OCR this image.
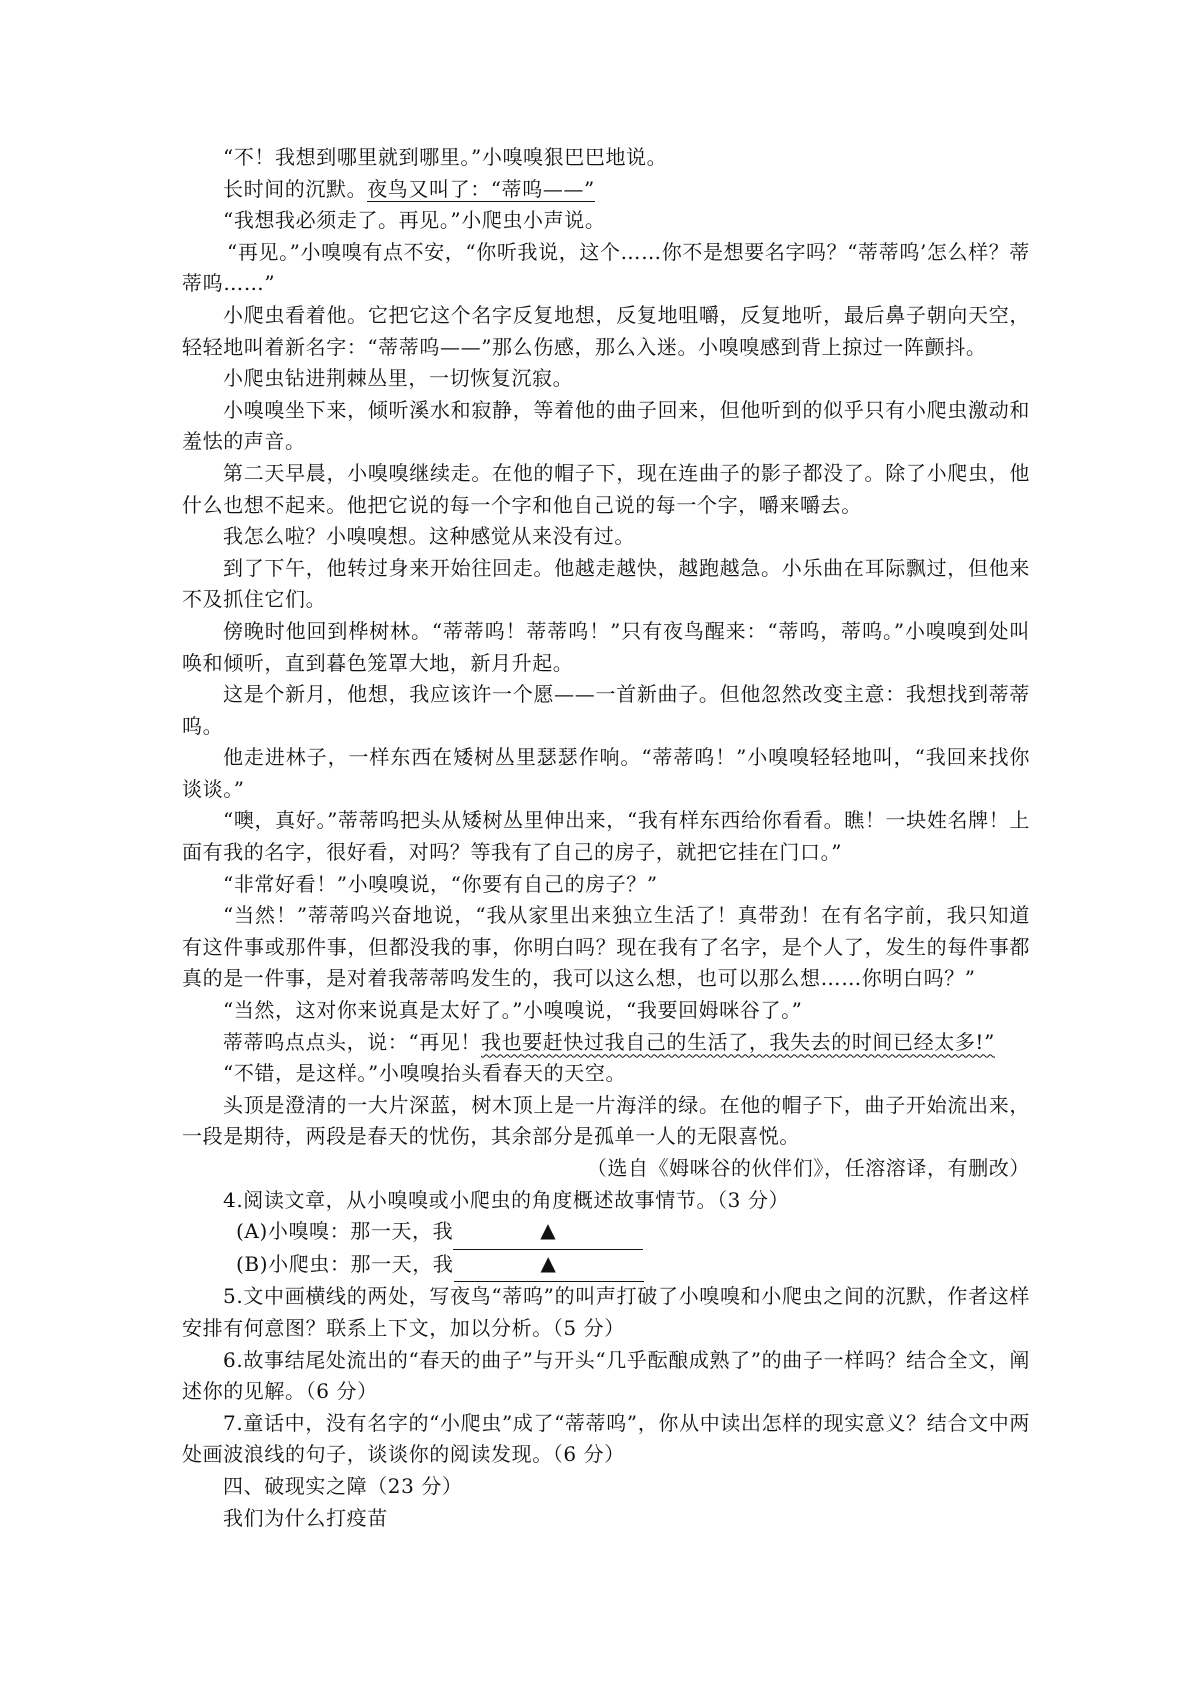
“不！我想到哪里就到哪里。”小嗅嗅狠巴巴地说。

长时间的沉默。夜鸟又叫了：“蒂呜——”

“我想我必须走了。再见。”小爬虫小声说。

“再见。”小嗅嗅有点不安，“你听我说，这个……你不是想要名字吗？“蒂蒂呜’怎么样？蒂蒂呜……”

小爬虫看着他。它把它这个名字反复地想，反复地咀嚼，反复地听，最后鼻子朝向天空，轻轻地叫着新名字：“蒂蒂呜——”那么伤感，那么入迷。小嗅嗅感到背上掠过一阵颤抖。

小爬虫钻进荆棘丛里，一切恢复沉寂。

小嗅嗅坐下来，倾听溪水和寂静，等着他的曲子回来，但他听到的似乎只有小爬虫激动和羞怯的声音。

第二天早晨，小嗅嗅继续走。在他的帽子下，现在连曲子的影子都没了。除了小爬虫，他什么也想不起来。他把它说的每一个字和他自己说的每一个字，嚼来嚼去。

我怎么啦？小嗅嗅想。这种感觉从来没有过。

到了下午，他转过身来开始往回走。他越走越快，越跑越急。小乐曲在耳际飘过，但他来不及抓住它们。

傍晚时他回到桦树林。“蒂蒂呜！蒂蒂呜！”只有夜鸟醒来：“蒂呜，蒂呜。”小嗅嗅到处叫唤和倾听，直到暮色笼罩大地，新月升起。

这是个新月，他想，我应该许一个愿——一首新曲子。但他忽然改变主意：我想找到蒂蒂呜。

他走进林子，一样东西在矮树丛里瑟瑟作响。“蒂蒂呜！”小嗅嗅轻轻地叫，“我回来找你谈谈。”

“噢，真好。”蒂蒂呜把头从矮树丛里伸出来，“我有样东西给你看看。瞧！一块姓名牌！上面有我的名字，很好看，对吗？等我有了自己的房子，就把它挂在门口。”

“非常好看！”小嗅嗅说，“你要有自己的房子？”

“当然！”蒂蒂呜兴奋地说，“我从家里出来独立生活了！真带劲！在有名字前，我只知道有这件事或那件事，但都没我的事，你明白吗？现在我有了名字，是个人了，发生的每件事都真的是一件事，是对着我蒂蒂呜发生的，我可以这么想，也可以那么想……你明白吗？”

“当然，这对你来说真是太好了。”小嗅嗅说，“我要回姆咪谷了。”

蒂蒂呜点点头，说：“再见！我也要赶快过我自己的生活了，我失去的时间已经太多!”

“不错，是这样。”小嗅嗅抬头看春天的天空。

头顶是澄清的一大片深蓝，树木顶上是一片海洋的绿。在他的帽子下，曲子开始流出来，一段是期待，两段是春天的忧伤，其余部分是孤单一人的无限喜悦。

（选自《姆咪谷的伙伴们》，任溶溶译，有删改）

4.阅读文章，从小嗅嗅或小爬虫的角度概述故事情节。（3 分）

(A)小嗅嗅：那一天，我	▲

(B)小爬虫：那一天，我	▲

5.文中画横线的两处，写夜鸟“蒂呜”的叫声打破了小嗅嗅和小爬虫之间的沉默，作者这样安排有何意图？联系上下文，加以分析。（5 分）

6.故事结尾处流出的“春天的曲子”与开头“几乎酝酿成熟了”的曲子一样吗？结合全文，阐述你的见解。（6 分）

7.童话中，没有名字的“小爬虫”成了“蒂蒂呜”，你从中读出怎样的现实意义？结合文中两处画波浪线的句子，谈谈你的阅读发现。（6 分）

四、破现实之障（23 分）

我们为什么打疫苗
